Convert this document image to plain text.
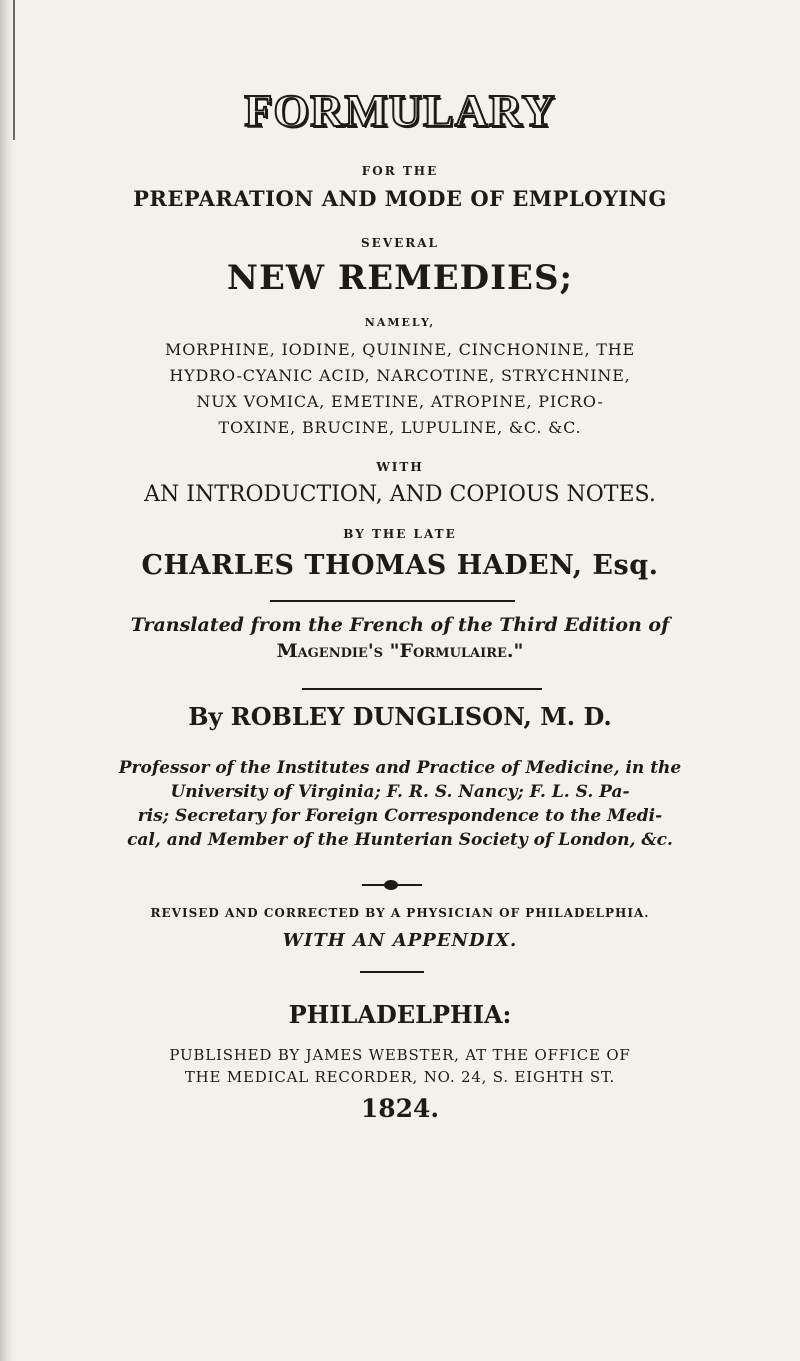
FORMULARY
FOR THE
PREPARATION AND MODE OF EMPLOYING
SEVERAL
NEW REMEDIES;
NAMELY,
MORPHINE, IODINE, QUININE, CINCHONINE, THE
HYDRO-CYANIC ACID, NARCOTINE, STRYCHNINE,
NUX VOMICA, EMETINE, ATROPINE, PICRO-
TOXINE, BRUCINE, LUPULINE, &C. &C.
WITH
AN INTRODUCTION, AND COPIOUS NOTES.
BY THE LATE
CHARLES THOMAS HADEN, Esq.
Translated from the French of the Third Edition of
Magendie's "Formulaire."
By ROBLEY DUNGLISON, M. D.
Professor of the Institutes and Practice of Medicine, in the
University of Virginia; F. R. S. Nancy; F. L. S. Pa-
ris; Secretary for Foreign Correspondence to the Medi-
cal, and Member of the Hunterian Society of London, &c.
REVISED AND CORRECTED BY A PHYSICIAN OF PHILADELPHIA.
WITH AN APPENDIX.
PHILADELPHIA:
PUBLISHED BY JAMES WEBSTER, AT THE OFFICE OF
THE MEDICAL RECORDER, NO. 24, S. EIGHTH ST.
1824.
